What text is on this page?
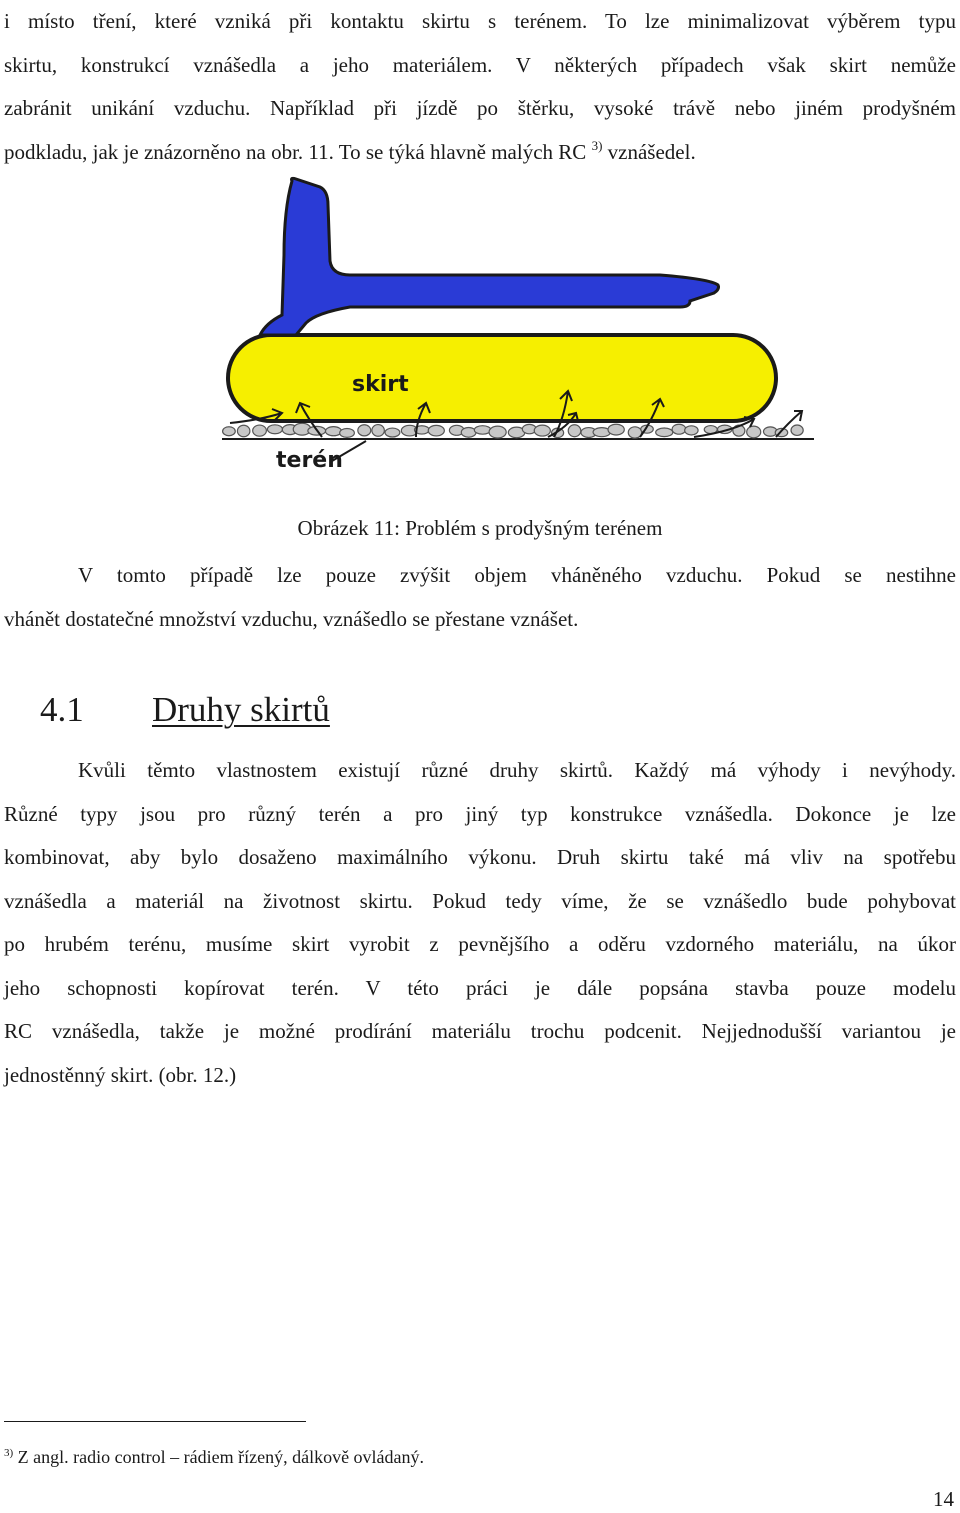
i místo tření, které vzniká při kontaktu skirtu s terénem. To lze minimalizovat výběrem typu
skirtu, konstrukcí vznášedla a jeho materiálem. V některých případech však skirt nemůže
zabránit unikání vzduchu. Například při jízdě po štěrku, vysoké trávě nebo jiném prodyšném
podkladu, jak je znázorněno na obr. 11. To se týká hlavně malých RC $^{3)}$ vznášedel.
skirt
terén
Obrázek 11: Problém s prodyšným terénem
V tomto případě lze pouze zvýšit objem vháněného vzduchu. Pokud se nestihne
vhánět dostatečné množství vzduchu, vznášedlo se přestane vznášet.
4.1 Druhy skirtů
Kvůli těmto vlastnostem existují různé druhy skirtů. Každý má výhody i nevýhody.
Různé typy jsou pro různý terén a pro jiný typ konstrukce vznášedla. Dokonce je lze
kombinovat, aby bylo dosaženo maximálního výkonu. Druh skirtu také má vliv na spotřebu
vznášedla a materiál na životnost skirtu. Pokud tedy víme, že se vznášedlo bude pohybovat
po hrubém terénu, musíme skirt vyrobit z pevnějšího a oděru vzdorného materiálu, na úkor
jeho schopnosti kopírovat terén. V této práci je dále popsána stavba pouze modelu
RC vznášedla, takže je možné prodírání materiálu trochu podcenit. Nejjednodušší variantou je
jednostěnný skirt. (obr. 12.)
$^{3)}$ Z angl. radio control – rádiem řízený, dálkově ovládaný.
14
